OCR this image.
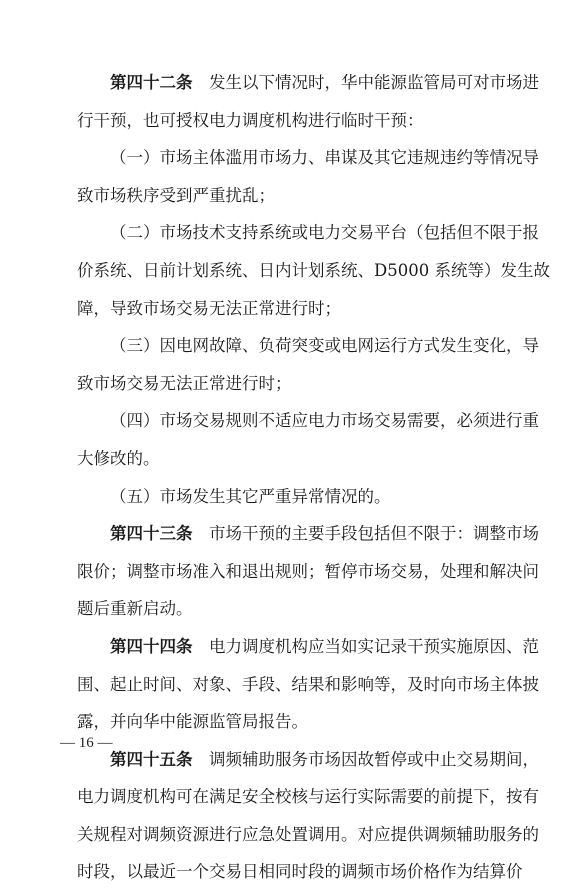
第四十二条  发生以下情况时，华中能源监管局可对市场进
行干预，也可授权电力调度机构进行临时干预：
（一）市场主体滥用市场力、串谋及其它违规违约等情况导
致市场秩序受到严重扰乱；
（二）市场技术支持系统或电力交易平台（包括但不限于报
价系统、日前计划系统、日内计划系统、D5000 系统等）发生故
障，导致市场交易无法正常进行时；
（三）因电网故障、负荷突变或电网运行方式发生变化，导
致市场交易无法正常进行时；
（四）市场交易规则不适应电力市场交易需要，必须进行重
大修改的。
（五）市场发生其它严重异常情况的。
第四十三条  市场干预的主要手段包括但不限于：调整市场
限价；调整市场准入和退出规则；暂停市场交易，处理和解决问
题后重新启动。
第四十四条  电力调度机构应当如实记录干预实施原因、范
围、起止时间、对象、手段、结果和影响等，及时向市场主体披
露，并向华中能源监管局报告。
第四十五条  调频辅助服务市场因故暂停或中止交易期间，
电力调度机构可在满足安全校核与运行实际需要的前提下，按有
关规程对调频资源进行应急处置调用。对应提供调频辅助服务的
时段，以最近一个交易日相同时段的调频市场价格作为结算价
— 16 —
